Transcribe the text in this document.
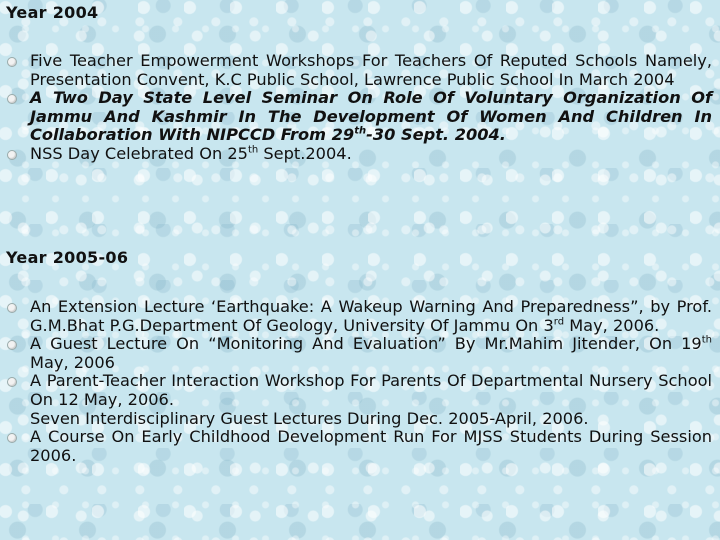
Year 2004
Five Teacher Empowerment Workshops For Teachers Of Reputed Schools Namely, Presentation Convent, K.C Public School, Lawrence Public School In March 2004
A Two Day State Level Seminar On Role Of Voluntary Organization Of Jammu And Kashmir In The Development Of Women And Children In Collaboration With NIPCCD From 29th-30 Sept. 2004.
NSS Day Celebrated On 25th Sept.2004.
Year 2005-06
An Extension Lecture ‘Earthquake: A Wakeup Warning And Preparedness”, by Prof. G.M.Bhat P.G.Department Of Geology, University Of Jammu On 3rd May, 2006.
A Guest Lecture On “Monitoring And Evaluation” By Mr.Mahim Jitender, On 19th May, 2006
A Parent-Teacher Interaction Workshop For Parents Of Departmental Nursery School On 12 May, 2006.
Seven Interdisciplinary Guest Lectures During Dec. 2005-April, 2006.
A Course On Early Childhood Development Run For MJSS Students During Session 2006.
